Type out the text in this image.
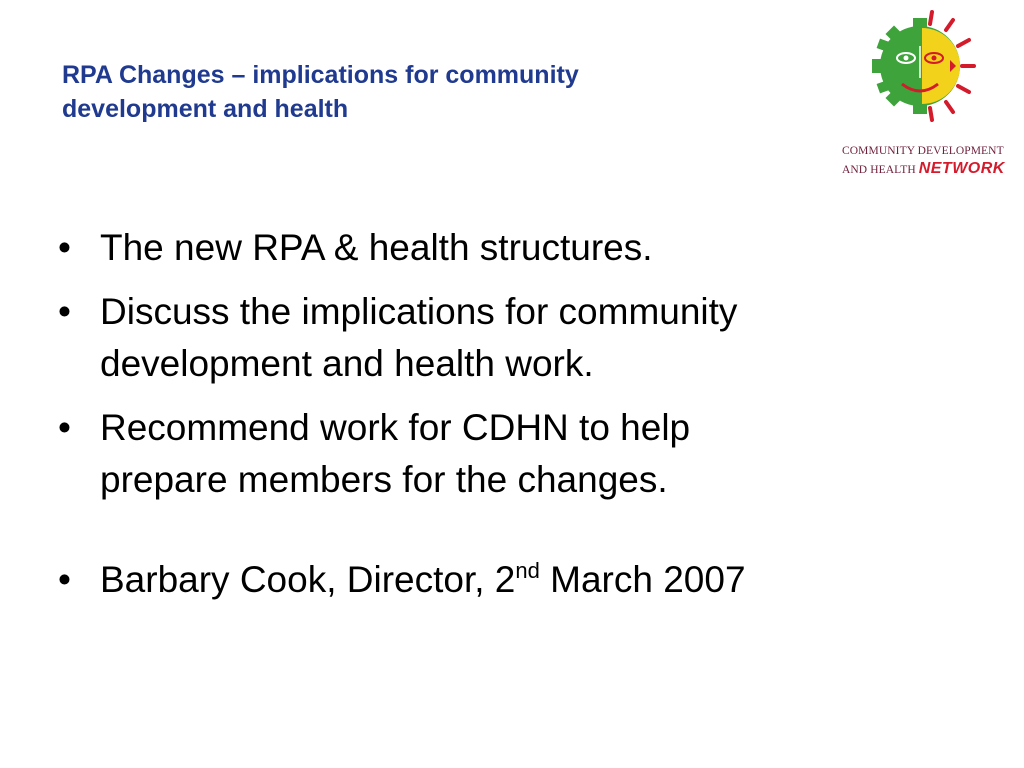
RPA Changes – implications for community
development and health
COMMUNITY DEVELOPMENT
AND HEALTH NETWORK
• The new RPA & health structures.
• Discuss the implications for community
development and health work.
• Recommend work for CDHN to help
prepare members for the changes.
• Barbary Cook, Director, 2nd March 2007
